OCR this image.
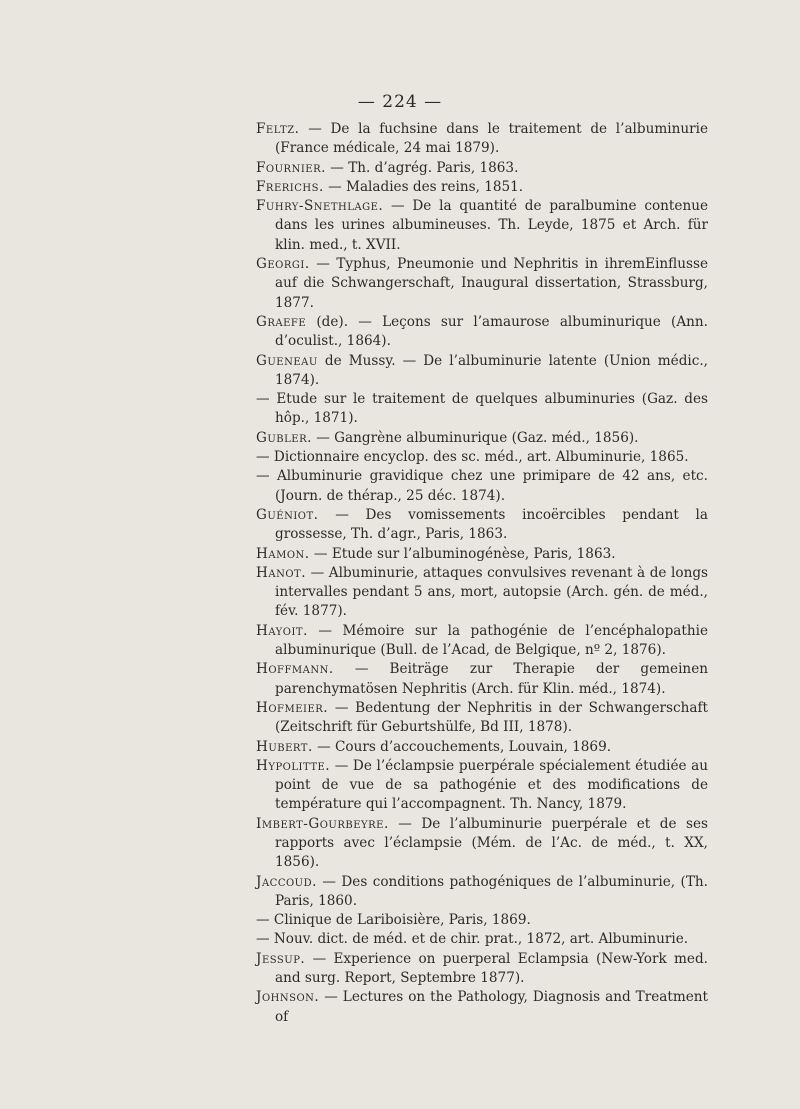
— 224 —

Feltz. — De la fuchsine dans le traitement de l’albuminurie (France médicale, 24 mai 1879).

Fournier. — Th. d’agrég. Paris, 1863.

Frerichs. — Maladies des reins, 1851.

Fuhry-Snethlage. — De la quantité de paralbumine contenue dans les urines albumineuses. Th. Leyde, 1875 et Arch. für klin. med., t. XVII.

Georgi. — Typhus, Pneumonie und Nephritis in ihremEinflusse auf die Schwangerschaft, Inaugural dissertation, Strassburg, 1877.

Graefe (de). — Leçons sur l’amaurose albuminurique (Ann. d’oculist., 1864).

Gueneau de Mussy. — De l’albuminurie latente (Union médic., 1874).

— Etude sur le traitement de quelques albuminuries (Gaz. des hôp., 1871).

Gubler. — Gangrène albuminurique (Gaz. méd., 1856).

— Dictionnaire encyclop. des sc. méd., art. Albuminurie, 1865.

— Albuminurie gravidique chez une primipare de 42 ans, etc. (Journ. de thérap., 25 déc. 1874).

Guéniot. — Des vomissements incoërcibles pendant la grossesse, Th. d’agr., Paris, 1863.

Hamon. — Etude sur l’albuminogénèse, Paris, 1863.

Hanot. — Albuminurie, attaques convulsives revenant à de longs intervalles pendant 5 ans, mort, autopsie (Arch. gén. de méd., fév. 1877).

Hayoit. — Mémoire sur la pathogénie de l’encéphalopathie albuminurique (Bull. de l’Acad, de Belgique, nº 2, 1876).

Hoffmann. — Beiträge zur Therapie der gemeinen parenchymatösen Nephritis (Arch. für Klin. méd., 1874).

Hofmeier. — Bedentung der Nephritis in der Schwangerschaft (Zeitschrift für Geburtshülfe, Bd III, 1878).

Hubert. — Cours d’accouchements, Louvain, 1869.

Hypolitte. — De l’éclampsie puerpérale spécialement étudiée au point de vue de sa pathogénie et des modifications de température qui l’accompagnent. Th. Nancy, 1879.

Imbert-Gourbeyre. — De l’albuminurie puerpérale et de ses rapports avec l’éclampsie (Mém. de l’Ac. de méd., t. XX, 1856).

Jaccoud. — Des conditions pathogéniques de l’albuminurie, (Th. Paris, 1860.

— Clinique de Lariboisière, Paris, 1869.

— Nouv. dict. de méd. et de chir. prat., 1872, art. Albuminurie.

Jessup. — Experience on puerperal Eclampsia (New-York med. and surg. Report, Septembre 1877).

Johnson. — Lectures on the Pathology, Diagnosis and Treatment of
